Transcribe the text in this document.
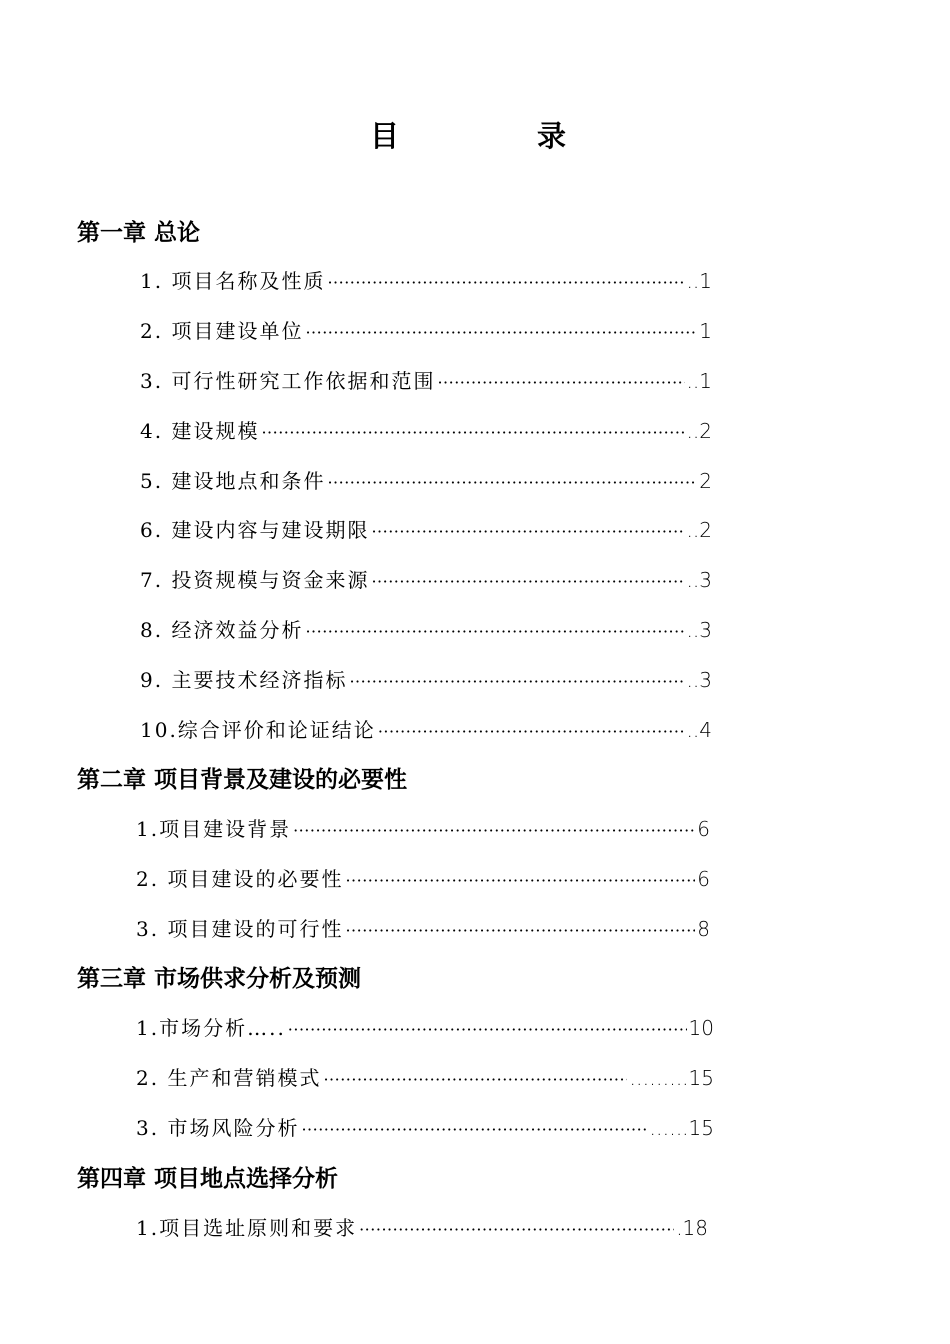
目 录
第一章 总论
1. 项目名称及性质 ·····	..1
2. 项目建设单位 ·····	1
3. 可行性研究工作依据和范围 ·····	..1
4. 建设规模 ·····	..2
5. 建设地点和条件 ·····	2
6. 建设内容与建设期限 ·····	..2
7. 投资规模与资金来源 ·····	..3
8. 经济效益分析 ·····	..3
9. 主要技术经济指标 ·····	..3
10.综合评价和论证结论 ·····	..4
第二章 项目背景及建设的必要性
1.项目建设背景 ·····	6
2. 项目建设的必要性 ·····	6
3. 项目建设的可行性 ·····	8
第三章 市场供求分析及预测
1.市场分析….. ·····	10
2. 生产和营销模式 ·····	.……..15
3. 市场风险分析 ·····	.…..15
第四章 项目地点选择分析
1.项目选址原则和要求 ·····	.18
